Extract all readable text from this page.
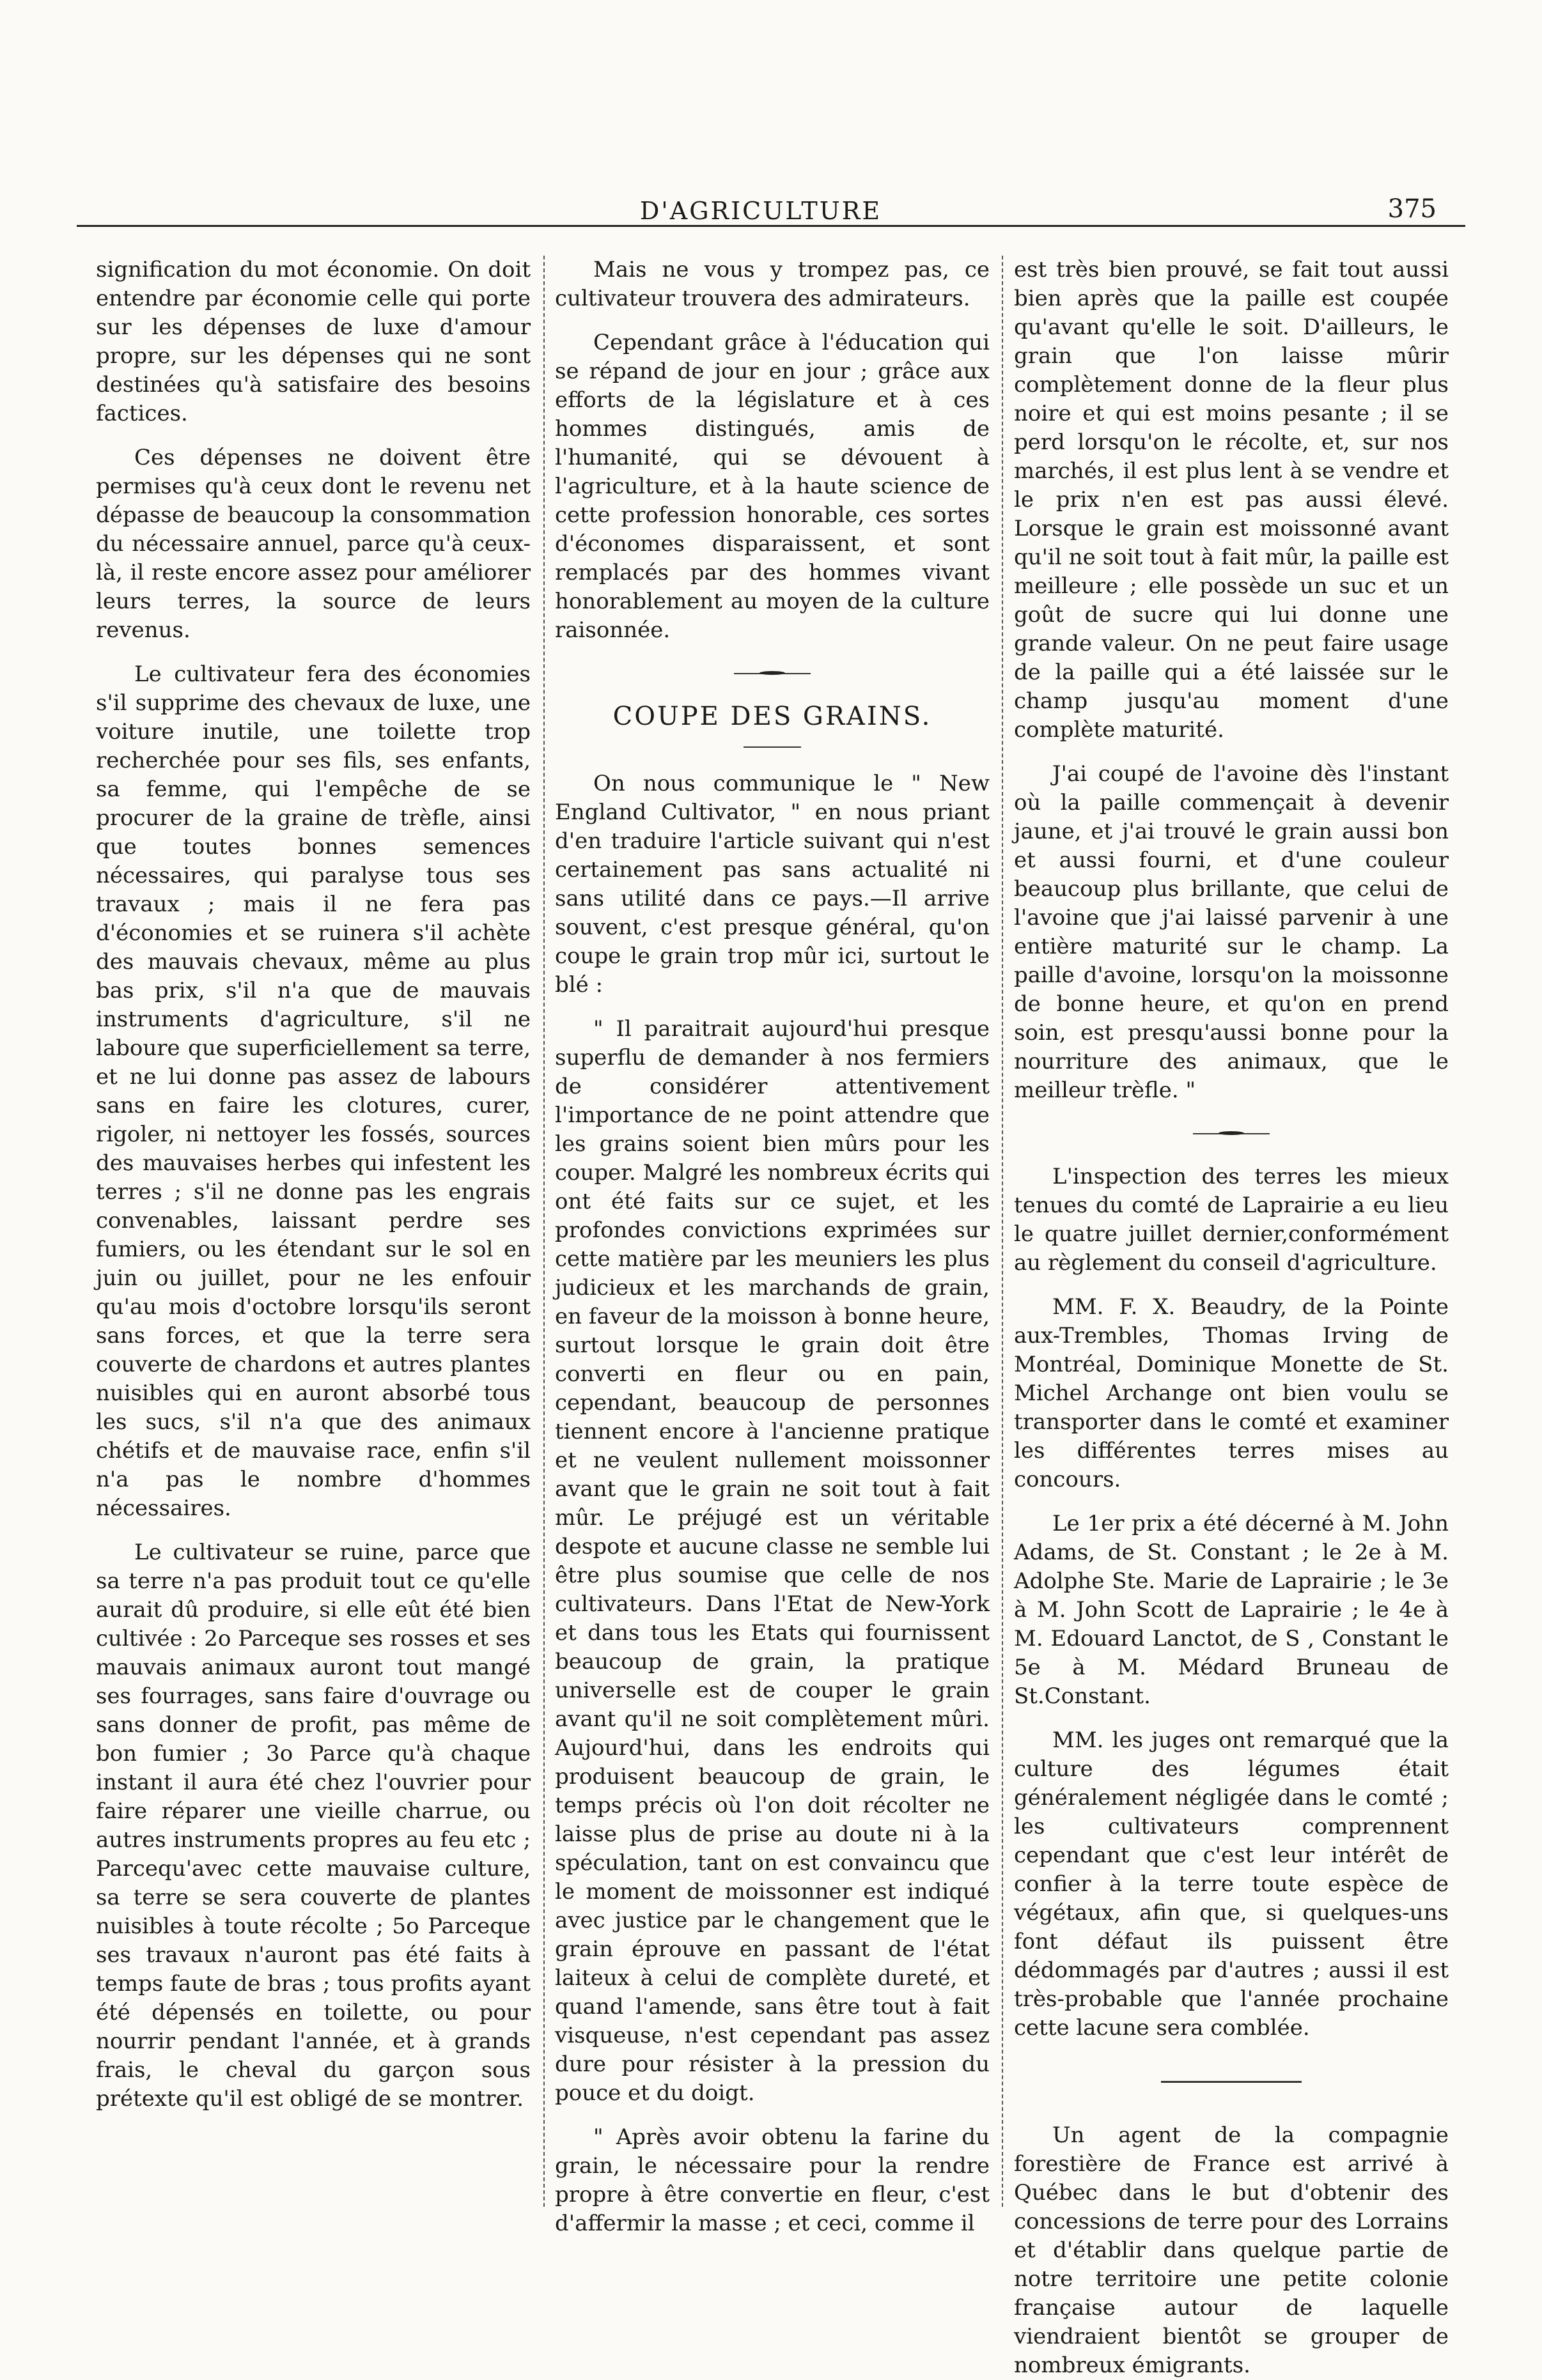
D'AGRICULTURE	375

signification du mot économie. On doit entendre par économie celle qui porte sur les dépenses de luxe d'amour propre, sur les dépenses qui ne sont destinées qu'à satisfaire des besoins factices.

Ces dépenses ne doivent être permises qu'à ceux dont le revenu net dépasse de beaucoup la consommation du nécessaire annuel, parce qu'à ceux-là, il reste encore assez pour améliorer leurs terres, la source de leurs revenus.

Le cultivateur fera des économies s'il supprime des chevaux de luxe, une voiture inutile, une toilette trop recherchée pour ses fils, ses enfants, sa femme, qui l'empêche de se procurer de la graine de trèfle, ainsi que toutes bonnes semences nécessaires, qui paralyse tous ses travaux ; mais il ne fera pas d'économies et se ruinera s'il achète des mauvais chevaux, même au plus bas prix, s'il n'a que de mauvais instruments d'agriculture, s'il ne laboure que superficiellement sa terre, et ne lui donne pas assez de labours sans en faire les clotures, curer, rigoler, ni nettoyer les fossés, sources des mauvaises herbes qui infestent les terres ; s'il ne donne pas les engrais convenables, laissant perdre ses fumiers, ou les étendant sur le sol en juin ou juillet, pour ne les enfouir qu'au mois d'octobre lorsqu'ils seront sans forces, et que la terre sera couverte de chardons et autres plantes nuisibles qui en auront absorbé tous les sucs, s'il n'a que des animaux chétifs et de mauvaise race, enfin s'il n'a pas le nombre d'hommes nécessaires.

Le cultivateur se ruine, parce que sa terre n'a pas produit tout ce qu'elle aurait dû produire, si elle eût été bien cultivée : 2o Parceque ses rosses et ses mauvais animaux auront tout mangé ses fourrages, sans faire d'ouvrage ou sans donner de profit, pas même de bon fumier ; 3o Parce qu'à chaque instant il aura été chez l'ouvrier pour faire réparer une vieille charrue, ou autres instruments propres au feu etc ; Parcequ'avec cette mauvaise culture, sa terre se sera couverte de plantes nuisibles à toute récolte ; 5o Parceque ses travaux n'auront pas été faits à temps faute de bras ; tous profits ayant été dépensés en toilette, ou pour nourrir pendant l'année, et à grands frais, le cheval du garçon sous prétexte qu'il est obligé de se montrer.

Mais ne vous y trompez pas, ce cultivateur trouvera des admirateurs.

Cependant grâce à l'éducation qui se répand de jour en jour ; grâce aux efforts de la législature et à ces hommes distingués, amis de l'humanité, qui se dévouent à l'agriculture, et à la haute science de cette profession honorable, ces sortes d'économes disparaissent, et sont remplacés par des hommes vivant honorablement au moyen de la culture raisonnée.

COUPE DES GRAINS.

On nous communique le " New England Cultivator, " en nous priant d'en traduire l'article suivant qui n'est certainement pas sans actualité ni sans utilité dans ce pays.—Il arrive souvent, c'est presque général, qu'on coupe le grain trop mûr ici, surtout le blé :

" Il paraitrait aujourd'hui presque superflu de demander à nos fermiers de considérer attentivement l'importance de ne point attendre que les grains soient bien mûrs pour les couper. Malgré les nombreux écrits qui ont été faits sur ce sujet, et les profondes convictions exprimées sur cette matière par les meuniers les plus judicieux et les marchands de grain, en faveur de la moisson à bonne heure, surtout lorsque le grain doit être converti en fleur ou en pain, cependant, beaucoup de personnes tiennent encore à l'ancienne pratique et ne veulent nullement moissonner avant que le grain ne soit tout à fait mûr. Le préjugé est un véritable despote et aucune classe ne semble lui être plus soumise que celle de nos cultivateurs. Dans l'Etat de New-York et dans tous les Etats qui fournissent beaucoup de grain, la pratique universelle est de couper le grain avant qu'il ne soit complètement mûri. Aujourd'hui, dans les endroits qui produisent beaucoup de grain, le temps précis où l'on doit récolter ne laisse plus de prise au doute ni à la spéculation, tant on est convaincu que le moment de moissonner est indiqué avec justice par le changement que le grain éprouve en passant de l'état laiteux à celui de complète dureté, et quand l'amende, sans être tout à fait visqueuse, n'est cependant pas assez dure pour résister à la pression du pouce et du doigt.

" Après avoir obtenu la farine du grain, le nécessaire pour la rendre propre à être convertie en fleur, c'est d'affermir la masse ; et ceci, comme il

est très bien prouvé, se fait tout aussi bien après que la paille est coupée qu'avant qu'elle le soit. D'ailleurs, le grain que l'on laisse mûrir complètement donne de la fleur plus noire et qui est moins pesante ; il se perd lorsqu'on le récolte, et, sur nos marchés, il est plus lent à se vendre et le prix n'en est pas aussi élevé. Lorsque le grain est moissonné avant qu'il ne soit tout à fait mûr, la paille est meilleure ; elle possède un suc et un goût de sucre qui lui donne une grande valeur. On ne peut faire usage de la paille qui a été laissée sur le champ jusqu'au moment d'une complète maturité.

J'ai coupé de l'avoine dès l'instant où la paille commençait à devenir jaune, et j'ai trouvé le grain aussi bon et aussi fourni, et d'une couleur beaucoup plus brillante, que celui de l'avoine que j'ai laissé parvenir à une entière maturité sur le champ. La paille d'avoine, lorsqu'on la moissonne de bonne heure, et qu'on en prend soin, est presqu'aussi bonne pour la nourriture des animaux, que le meilleur trèfle. "

L'inspection des terres les mieux tenues du comté de Laprairie a eu lieu le quatre juillet dernier,conformément au règlement du conseil d'agriculture.

MM. F. X. Beaudry, de la Pointe aux-Trembles, Thomas Irving de Montréal, Dominique Monette de St. Michel Archange ont bien voulu se transporter dans le comté et examiner les différentes terres mises au concours.

Le 1er prix a été décerné à M. John Adams, de St. Constant ; le 2e à M. Adolphe Ste. Marie de Laprairie ; le 3e à M. John Scott de Laprairie ; le 4e à M. Edouard Lanctot, de S , Constant le 5e à M. Médard Bruneau de St.Constant.

MM. les juges ont remarqué que la culture des légumes était généralement négligée dans le comté ; les cultivateurs comprennent cependant que c'est leur intérêt de confier à la terre toute espèce de végétaux, afin que, si quelques-uns font défaut ils puissent être dédommagés par d'autres ; aussi il est très-probable que l'année prochaine cette lacune sera comblée.

Un agent de la compagnie forestière de France est arrivé à Québec dans le but d'obtenir des concessions de terre pour des Lorrains et d'établir dans quelque partie de notre territoire une petite colonie française autour de laquelle viendraient bientôt se grouper de nombreux émigrants.
